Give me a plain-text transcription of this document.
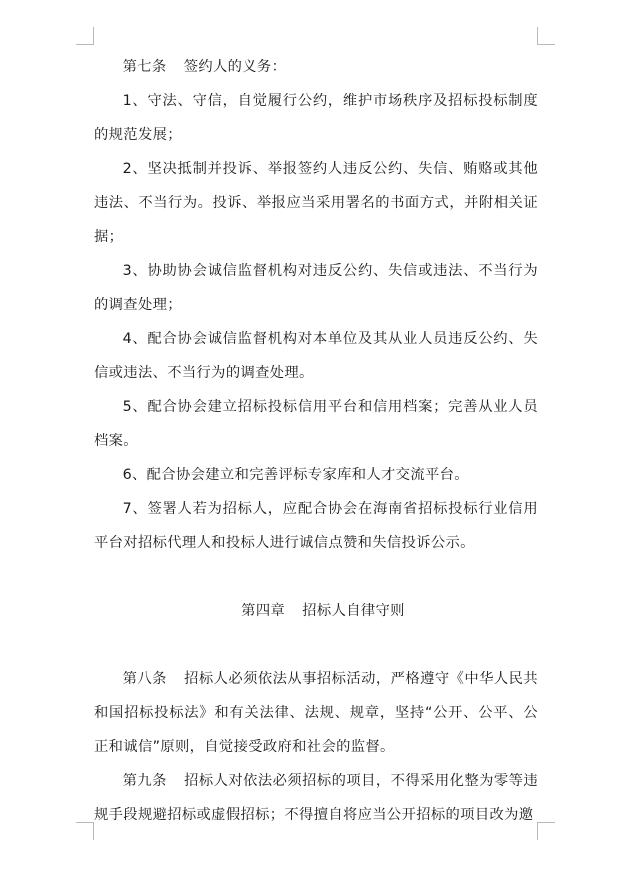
第七条 签约人的义务：

1、守法、守信，自觉履行公约，维护市场秩序及招标投标制度的规范发展；

2、坚决抵制并投诉、举报签约人违反公约、失信、贿赂或其他违法、不当行为。投诉、举报应当采用署名的书面方式，并附相关证据；

3、协助协会诚信监督机构对违反公约、失信或违法、不当行为的调查处理；

4、配合协会诚信监督机构对本单位及其从业人员违反公约、失信或违法、不当行为的调查处理。

5、配合协会建立招标投标信用平台和信用档案；完善从业人员档案。

6、配合协会建立和完善评标专家库和人才交流平台。

7、签署人若为招标人，应配合协会在海南省招标投标行业信用平台对招标代理人和投标人进行诚信点赞和失信投诉公示。

第四章 招标人自律守则

第八条 招标人必须依法从事招标活动，严格遵守《中华人民共和国招标投标法》和有关法律、法规、规章，坚持“公开、公平、公正和诚信”原则，自觉接受政府和社会的监督。

第九条 招标人对依法必须招标的项目，不得采用化整为零等违规手段规避招标或虚假招标；不得擅自将应当公开招标的项目改为邀
